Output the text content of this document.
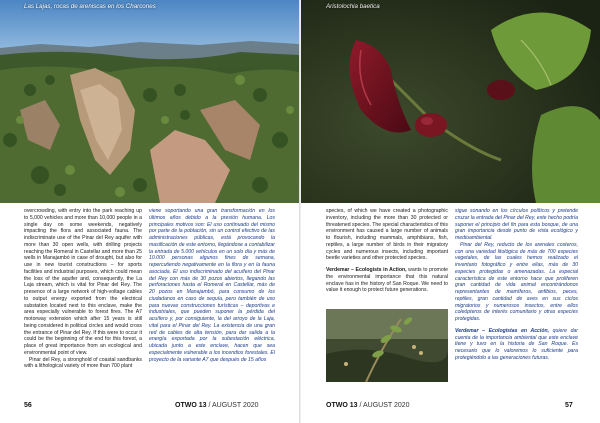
Las Lajas, rocas de areniscas en los Charcones	Aristolochia baetica

overcrowding, with entry into the park reaching up to 5,000 vehicles and more than 10,000 people in a single day on some weekends, negatively impacting the flora and associated fauna. The indiscriminate use of the Pinar del Rey aquifer with more than 30 open wells, with drilling projects reaching the Romeral in Castellar and more than 25 wells in Manajambó in case of drought, but also for use in new tourist constructions – for sports facilities and industrial purposes, which could mean the loss of the aquifer and, consequently, the La Laja stream, which is vital for Pinar del Rey. The presence of a large network of high-voltage cables to output energy exported from the electrical substation located next to this enclave, make the area especially vulnerable to forest fires. The A7 motorway extension which after 15 years is still being considered in political circles and would cross the entrance of Pinar del Rey. If this were to occur it could be the beginning of the end for this forest, a place of great importance from an ecological and environmental point of view.

Pinar del Rey, a stronghold of coastal sandbanks with a lithological variety of more than 700 plant

viene soportando una gran transformación en los últimos años debido a la presión humana. Los principales motivos son: El uso continuado del mismo por parte de la población, sin un control efectivo de las administraciones públicas, está provocando la masificación de este entorno, llegándose a contabilizar la entrada de 5.000 vehículos en un solo día y más de 10.000 personas algunos fines de semana, repercutiendo negativamente en la flora y en la fauna asociada. El uso indiscriminado del acuífero del Pinar del Rey con más de 30 pozos abiertos, llegando las perforaciones hasta el Romeral en Castellar, más de 20 pozos en Manajambó, para consumo de los ciudadanos en caso de sequía, pero también de uso para nuevas construcciones turísticas – deportivas e industriales, que pueden suponer la pérdida del acuífero y, por consiguiente, la del arroyo de la Laja, vital para el Pinar del Rey. La existencia de una gran red de cables de alta tensión, para dar salida a la energía exportada por la subestación eléctrica, ubicada junto a este enclave, hacen que sea especialmente vulnerable a los incendios forestales. El proyecto de la variante A7 que después de 15 años

species, of which we have created a photographic inventory, including the more than 30 protected or threatened species. The special characteristics of this environment has caused a large number of animals to flourish, including mammals, amphibians, fish, reptiles, a large number of birds in their migratory cycles and numerous insects, including important beetle varieties and other protected species.

Verdemar – Ecologists in Action, wants to promote the environmental importance that this natural enclave has in the history of San Roque. We need to value it enough to protect future generations.

sigue sonando en los círculos políticos y pretende cruzar la entrada del Pinar del Rey, este hecho podría suponer el principio del fin para esta bosque, de una gran importancia desde punto de vista ecológico y medioambiental.

Pinar del Rey, reducto de los arenales costeros, con una variedad litológica de más de 700 especies vegetales, de las cuales hemos realizado el inventario fotográfico y entre ellas, más de 30 especies protegidas o amenazadas. La especial característica de este entorno hace que proliferen gran cantidad de vida animal encontrándonos representantes de mamíferos, anfibios, peces, reptiles, gran cantidad de aves en sus ciclos migratorios y numerosos insectos, entre ellos coleópteros de interés comunitario y otras especies protegidas.

Verdemar – Ecologistas en Acción, quiere dar cuenta de la importancia ambiental que este enclave tiene y tuvo en la historia de San Roque. Es necesario que lo valoremos lo suficiente para protegiéndolo a las generaciones futuras.

56	OTWO 13 / AUGUST 2020	OTWO 13 / AUGUST 2020	57
